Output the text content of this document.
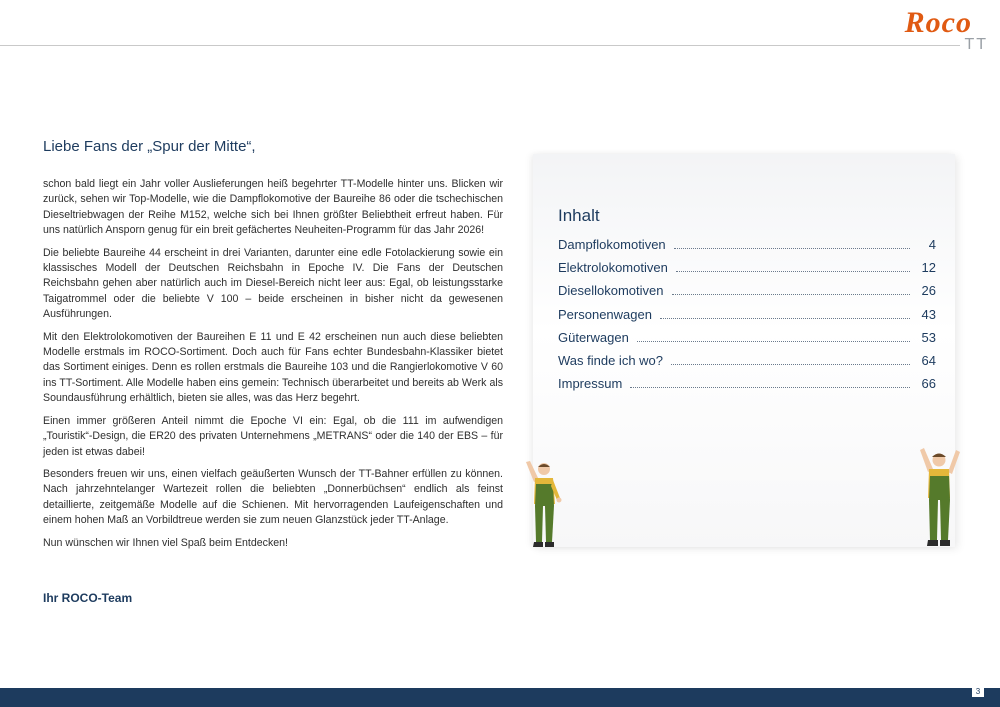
Roco
TT
Liebe Fans der „Spur der Mitte“,

schon bald liegt ein Jahr voller Auslieferungen heiß begehrter TT-Modelle hinter uns. Blicken wir zurück, sehen wir Top-Modelle, wie die Dampflokomotive der Baureihe 86 oder die tschechischen Dieseltriebwagen der Reihe M152, welche sich bei Ihnen größter Beliebtheit erfreut haben. Für uns natürlich Ansporn genug für ein breit gefächertes Neuheiten-Programm für das Jahr 2026!

Die beliebte Baureihe 44 erscheint in drei Varianten, darunter eine edle Fotolackierung sowie ein klassisches Modell der Deutschen Reichsbahn in Epoche IV. Die Fans der Deutschen Reichsbahn gehen aber natürlich auch im Diesel-Bereich nicht leer aus: Egal, ob leistungsstarke Taigatrommel oder die beliebte V 100 – beide erscheinen in bisher nicht da gewesenen Ausführungen.

Mit den Elektrolokomotiven der Baureihen E 11 und E 42 erscheinen nun auch diese beliebten Modelle erstmals im ROCO-Sortiment. Doch auch für Fans echter Bundesbahn-Klassiker bietet das Sortiment einiges. Denn es rollen erstmals die Baureihe 103 und die Rangierlokomotive V 60 ins TT-Sortiment. Alle Modelle haben eins gemein: Technisch überarbeitet und bereits ab Werk als Soundausführung erhältlich, bieten sie alles, was das Herz begehrt.

Einen immer größeren Anteil nimmt die Epoche VI ein: Egal, ob die 111 im aufwendigen „Touristik“-Design, die ER20 des privaten Unternehmens „METRANS“ oder die 140 der EBS – für jeden ist etwas dabei!

Besonders freuen wir uns, einen vielfach geäußerten Wunsch der TT-Bahner erfüllen zu können. Nach jahrzehntelanger Wartezeit rollen die beliebten „Donnerbüchsen“ endlich als feinst detaillierte, zeitgemäße Modelle auf die Schienen. Mit hervorragenden Laufeigenschaften und einem hohen Maß an Vorbildtreue werden sie zum neuen Glanzstück jeder TT-Anlage.

Nun wünschen wir Ihnen viel Spaß beim Entdecken!

Ihr ROCO-Team
Inhalt
Dampflokomotiven	4
Elektrolokomotiven	12
Diesellokomotiven	26
Personenwagen	43
Güterwagen	53
Was finde ich wo?	64
Impressum	66
3
